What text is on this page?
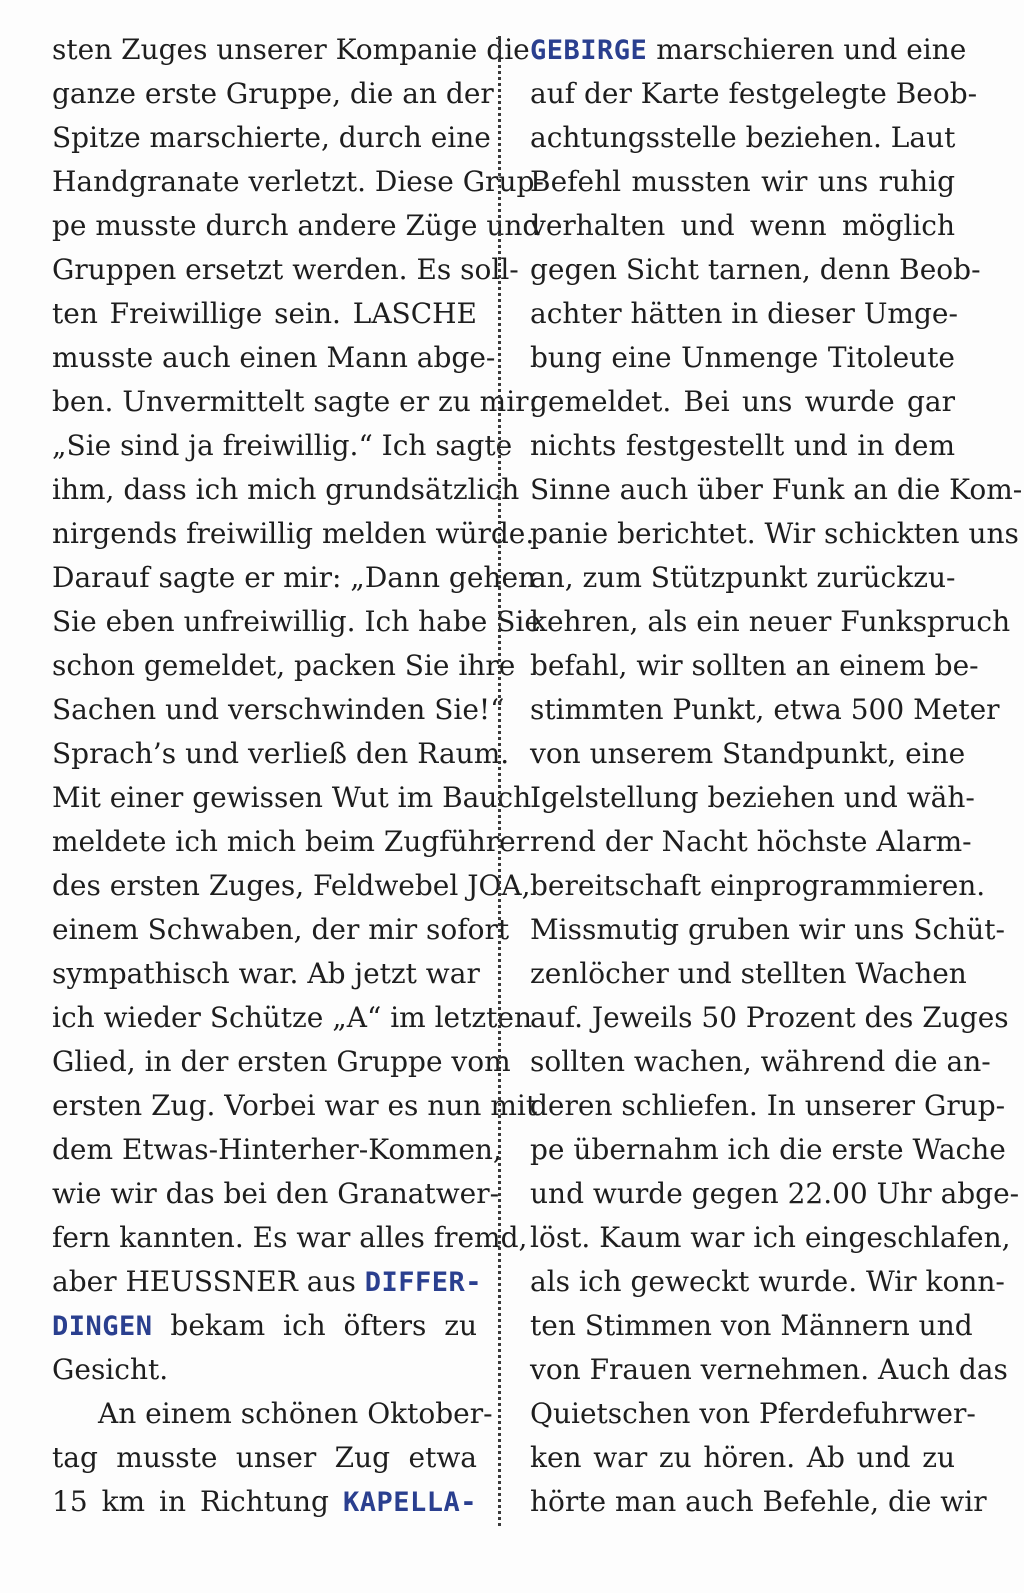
sten Zuges unserer Kompanie die
ganze erste Gruppe, die an der
Spitze marschierte, durch eine
Handgranate verletzt. Diese Grup-
pe musste durch andere Züge und
Gruppen ersetzt werden. Es soll-
ten Freiwillige sein. LASCHE
musste auch einen Mann abge-
ben. Unvermittelt sagte er zu mir:
„Sie sind ja freiwillig.“ Ich sagte
ihm, dass ich mich grundsätzlich
nirgends freiwillig melden würde.
Darauf sagte er mir: „Dann gehen
Sie eben unfreiwillig. Ich habe Sie
schon gemeldet, packen Sie ihre
Sachen und verschwinden Sie!“
Sprach’s und verließ den Raum.
Mit einer gewissen Wut im Bauch
meldete ich mich beim Zugführer
des ersten Zuges, Feldwebel JOA,
einem Schwaben, der mir sofort
sympathisch war. Ab jetzt war
ich wieder Schütze „A“ im letzten
Glied, in der ersten Gruppe vom
ersten Zug. Vorbei war es nun mit
dem Etwas-Hinterher-Kommen,
wie wir das bei den Granatwer-
fern kannten. Es war alles fremd,
aber HEUSSNER aus DIFFER-
DINGEN bekam ich öfters zu
Gesicht.
An einem schönen Oktober-
tag musste unser Zug etwa
15 km in Richtung KAPELLA-
GEBIRGE marschieren und eine
auf der Karte festgelegte Beob-
achtungsstelle beziehen. Laut
Befehl mussten wir uns ruhig
verhalten und wenn möglich
gegen Sicht tarnen, denn Beob-
achter hätten in dieser Umge-
bung eine Unmenge Titoleute
gemeldet. Bei uns wurde gar
nichts festgestellt und in dem
Sinne auch über Funk an die Kom-
panie berichtet. Wir schickten uns
an, zum Stützpunkt zurückzu-
kehren, als ein neuer Funkspruch
befahl, wir sollten an einem be-
stimmten Punkt, etwa 500 Meter
von unserem Standpunkt, eine
Igelstellung beziehen und wäh-
rend der Nacht höchste Alarm-
bereitschaft einprogrammieren.
Missmutig gruben wir uns Schüt-
zenlöcher und stellten Wachen
auf. Jeweils 50 Prozent des Zuges
sollten wachen, während die an-
deren schliefen. In unserer Grup-
pe übernahm ich die erste Wache
und wurde gegen 22.00 Uhr abge-
löst. Kaum war ich eingeschlafen,
als ich geweckt wurde. Wir konn-
ten Stimmen von Männern und
von Frauen vernehmen. Auch das
Quietschen von Pferdefuhrwer-
ken war zu hören. Ab und zu
hörte man auch Befehle, die wir
